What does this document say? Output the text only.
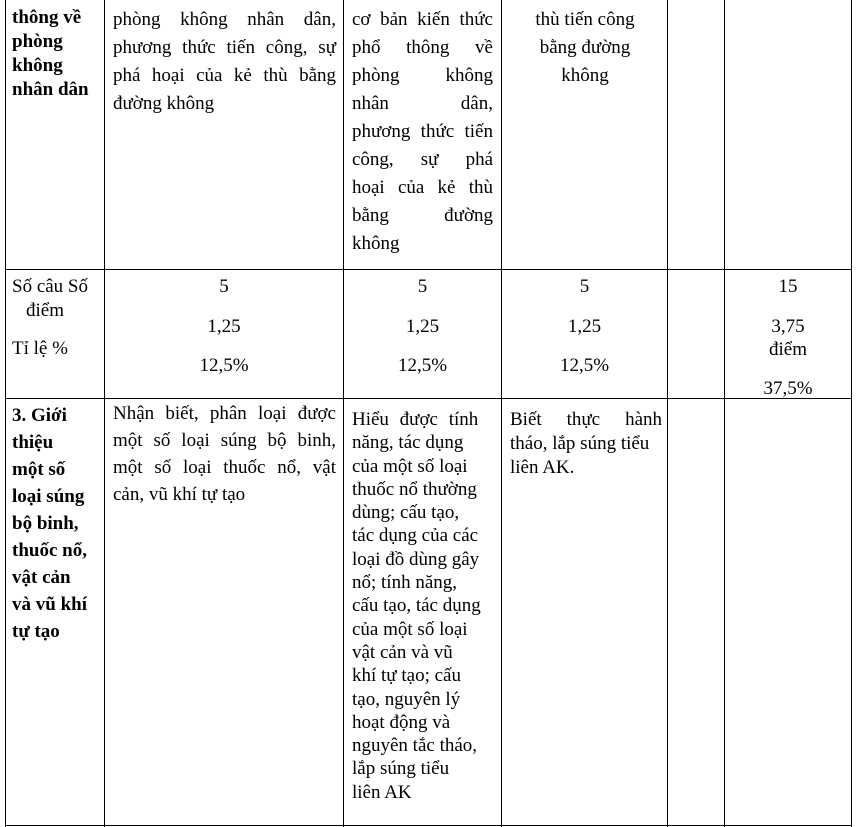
thông về
phòng
không
nhân dân
phòng không nhân dân,
phương thức tiến công, sự
phá hoại của kẻ thù bằng
đường không
cơ bản kiến thức
phổ thông về
phòng không
nhân dân,
phương thức tiến
công, sự phá
hoại của kẻ thù
bằng đường
không
thù tiến công
bằng đường
không
Số câu Số
điểm
Tỉ lệ %
5
1,25
12,5%
5
1,25
12,5%
5
1,25
12,5%
15
3,75
điểm
37,5%
3. Giới
thiệu
một số
loại súng
bộ binh,
thuốc nổ,
vật cản
và vũ khí
tự tạo
Nhận biết, phân loại được
một số loại súng bộ binh,
một số loại thuốc nổ, vật
cản, vũ khí tự tạo
Hiểu được tính
năng, tác dụng
của một số loại
thuốc nổ thường
dùng; cấu tạo,
tác dụng của các
loại đồ dùng gây
nổ; tính năng,
cấu tạo, tác dụng
của một số loại
vật cản và vũ
khí tự tạo; cấu
tạo, nguyên lý
hoạt động và
nguyên tắc tháo,
lắp súng tiểu
liên AK
Biết thực hành
tháo, lắp súng tiểu
liên AK.
